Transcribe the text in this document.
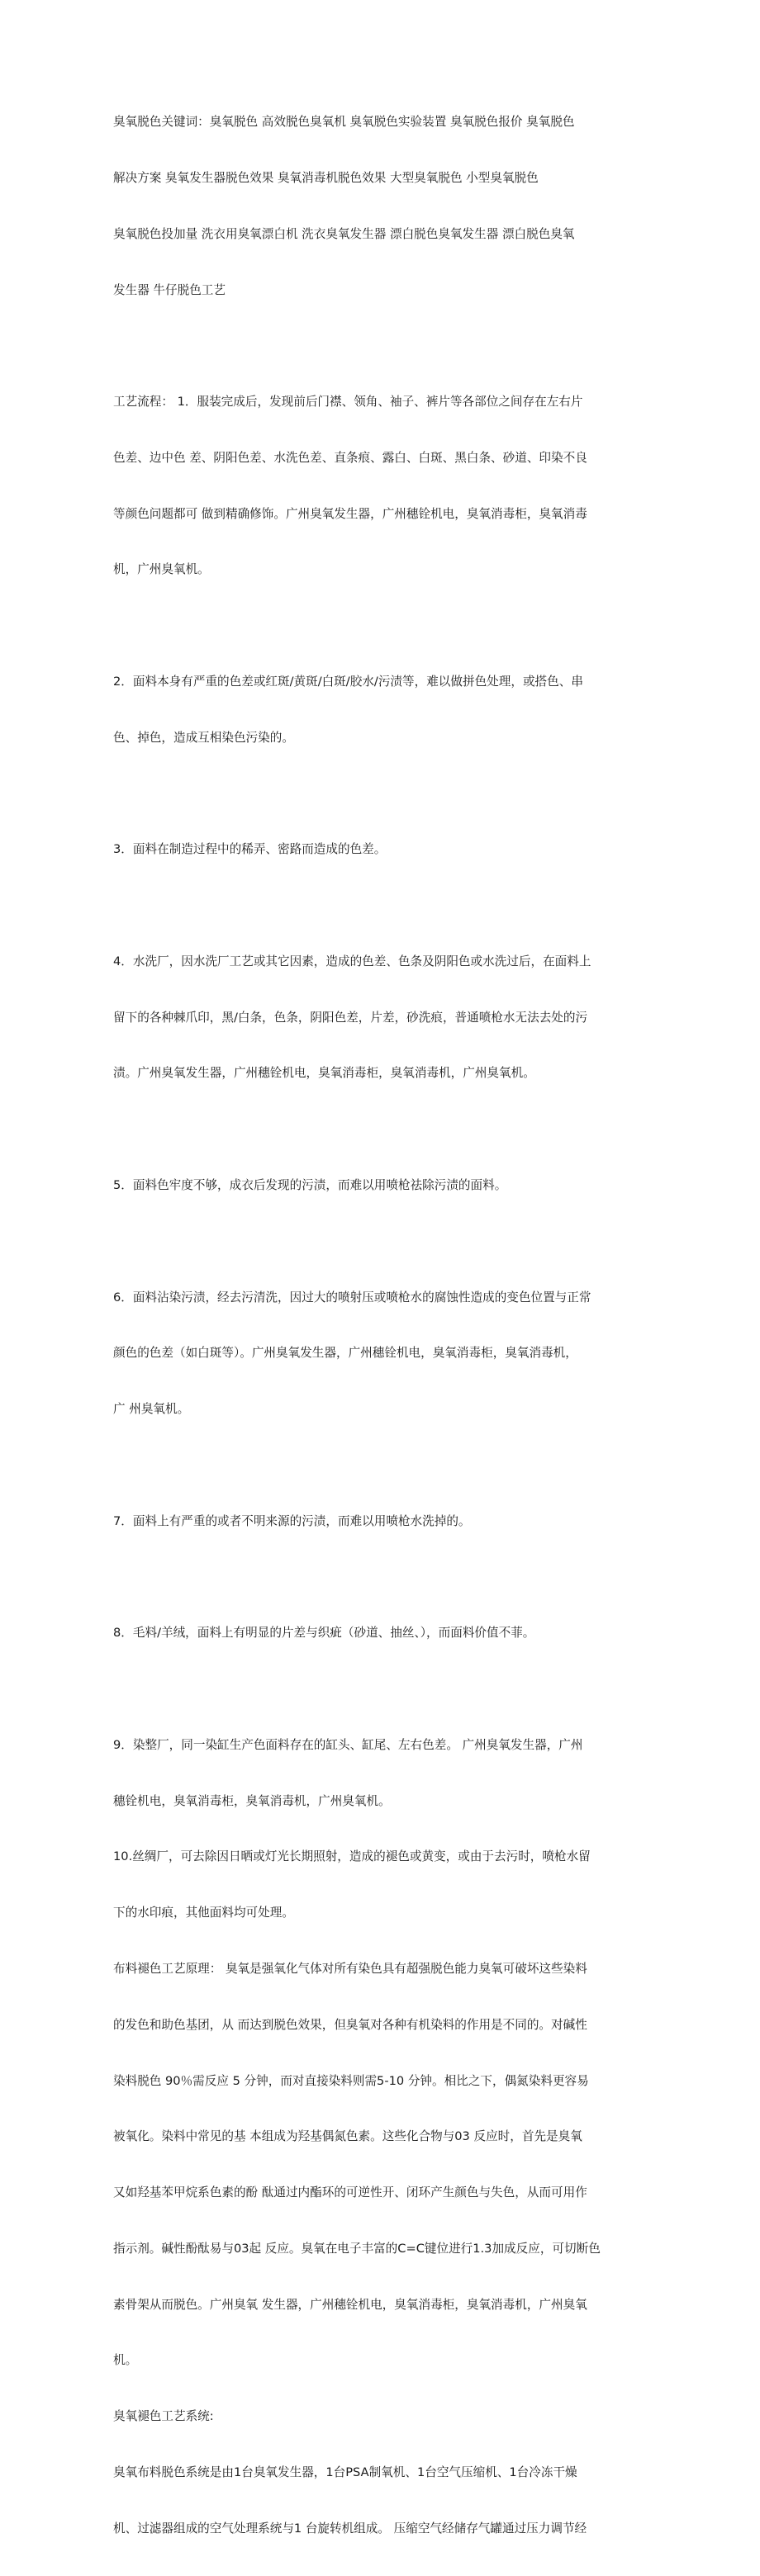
臭氧脱色关键词：臭氧脱色 高效脱色臭氧机 臭氧脱色实验装置 臭氧脱色报价 臭氧脱色

解决方案 臭氧发生器脱色效果 臭氧消毒机脱色效果 大型臭氧脱色 小型臭氧脱色

臭氧脱色投加量 洗衣用臭氧漂白机 洗衣臭氧发生器 漂白脱色臭氧发生器 漂白脱色臭氧

发生器 牛仔脱色工艺

工艺流程： 1．服装完成后，发现前后门襟、领角、袖子、裤片等各部位之间存在左右片

色差、边中色 差、阴阳色差、水洗色差、直条痕、露白、白斑、黑白条、砂道、印染不良

等颜色问题都可 做到精确修饰。广州臭氧发生器，广州穗铨机电，臭氧消毒柜，臭氧消毒

机，广州臭氧机。

2．面料本身有严重的色差或红斑/黄斑/白斑/胶水/污渍等，难以做拼色处理，或搭色、串

色、掉色，造成互相染色污染的。

3．面料在制造过程中的稀弄、密路而造成的色差。

4．水洗厂，因水洗厂工艺或其它因素，造成的色差、色条及阴阳色或水洗过后，在面料上

留下的各种棘爪印，黑/白条，色条，阴阳色差，片差，砂洗痕，普通喷枪水无法去处的污

渍。广州臭氧发生器，广州穗铨机电，臭氧消毒柜，臭氧消毒机，广州臭氧机。

5．面料色牢度不够，成衣后发现的污渍，而难以用喷枪祛除污渍的面料。

6．面料沾染污渍，经去污清洗，因过大的喷射压或喷枪水的腐蚀性造成的变色位置与正常

颜色的色差（如白斑等）。广州臭氧发生器，广州穗铨机电，臭氧消毒柜，臭氧消毒机，

广 州臭氧机。

7．面料上有严重的或者不明来源的污渍，而难以用喷枪水洗掉的。

8．毛料/羊绒，面料上有明显的片差与织疵（砂道、抽丝、），而面料价值不菲。

9．染整厂，同一染缸生产色面料存在的缸头、缸尾、左右色差。 广州臭氧发生器，广州

穗铨机电，臭氧消毒柜，臭氧消毒机，广州臭氧机。

10.丝绸厂，可去除因日晒或灯光长期照射，造成的褪色或黄变，或由于去污时，喷枪水留

下的水印痕，其他面料均可处理。

布料褪色工艺原理： 臭氧是强氧化气体对所有染色具有超强脱色能力臭氧可破坏这些染料

的发色和助色基团，从 而达到脱色效果，但臭氧对各种有机染料的作用是不同的。对碱性

染料脱色 90％需反应 5 分钟，而对直接染料则需5-10 分钟。相比之下，偶氮染料更容易

被氧化。染料中常见的基 本组成为羟基偶氮色素。这些化合物与03 反应时，首先是臭氧

又如羟基苯甲烷系色素的酚 酞通过内酯环的可逆性开、闭环产生颜色与失色，从而可用作

指示剂。碱性酚酞易与03起 反应。臭氧在电子丰富的C=C键位进行1.3加成反应，可切断色

素骨架从而脱色。广州臭氧 发生器，广州穗铨机电，臭氧消毒柜，臭氧消毒机，广州臭氧

机。

臭氧褪色工艺系统:

臭氧布料脱色系统是由1台臭氧发生器，1台PSA制氧机、1台空气压缩机、1台冷冻干燥

机、过滤器组成的空气处理系统与1 台旋转机组成。 压缩空气经储存气罐通过压力调节经
